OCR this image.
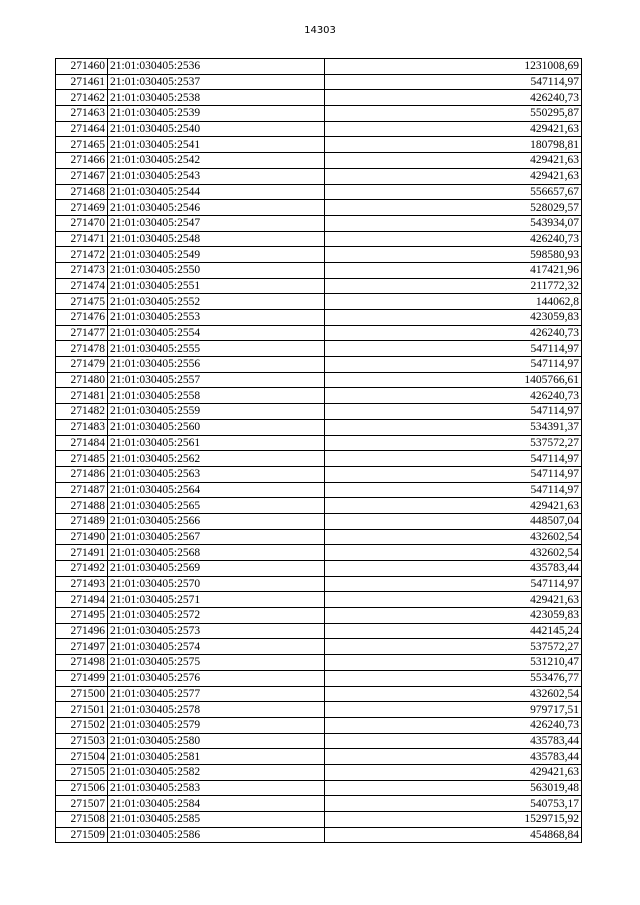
14303
271460	21:01:030405:2536	1231008,69
271461	21:01:030405:2537	547114,97
271462	21:01:030405:2538	426240,73
271463	21:01:030405:2539	550295,87
271464	21:01:030405:2540	429421,63
271465	21:01:030405:2541	180798,81
271466	21:01:030405:2542	429421,63
271467	21:01:030405:2543	429421,63
271468	21:01:030405:2544	556657,67
271469	21:01:030405:2546	528029,57
271470	21:01:030405:2547	543934,07
271471	21:01:030405:2548	426240,73
271472	21:01:030405:2549	598580,93
271473	21:01:030405:2550	417421,96
271474	21:01:030405:2551	211772,32
271475	21:01:030405:2552	144062,8
271476	21:01:030405:2553	423059,83
271477	21:01:030405:2554	426240,73
271478	21:01:030405:2555	547114,97
271479	21:01:030405:2556	547114,97
271480	21:01:030405:2557	1405766,61
271481	21:01:030405:2558	426240,73
271482	21:01:030405:2559	547114,97
271483	21:01:030405:2560	534391,37
271484	21:01:030405:2561	537572,27
271485	21:01:030405:2562	547114,97
271486	21:01:030405:2563	547114,97
271487	21:01:030405:2564	547114,97
271488	21:01:030405:2565	429421,63
271489	21:01:030405:2566	448507,04
271490	21:01:030405:2567	432602,54
271491	21:01:030405:2568	432602,54
271492	21:01:030405:2569	435783,44
271493	21:01:030405:2570	547114,97
271494	21:01:030405:2571	429421,63
271495	21:01:030405:2572	423059,83
271496	21:01:030405:2573	442145,24
271497	21:01:030405:2574	537572,27
271498	21:01:030405:2575	531210,47
271499	21:01:030405:2576	553476,77
271500	21:01:030405:2577	432602,54
271501	21:01:030405:2578	979717,51
271502	21:01:030405:2579	426240,73
271503	21:01:030405:2580	435783,44
271504	21:01:030405:2581	435783,44
271505	21:01:030405:2582	429421,63
271506	21:01:030405:2583	563019,48
271507	21:01:030405:2584	540753,17
271508	21:01:030405:2585	1529715,92
271509	21:01:030405:2586	454868,84
